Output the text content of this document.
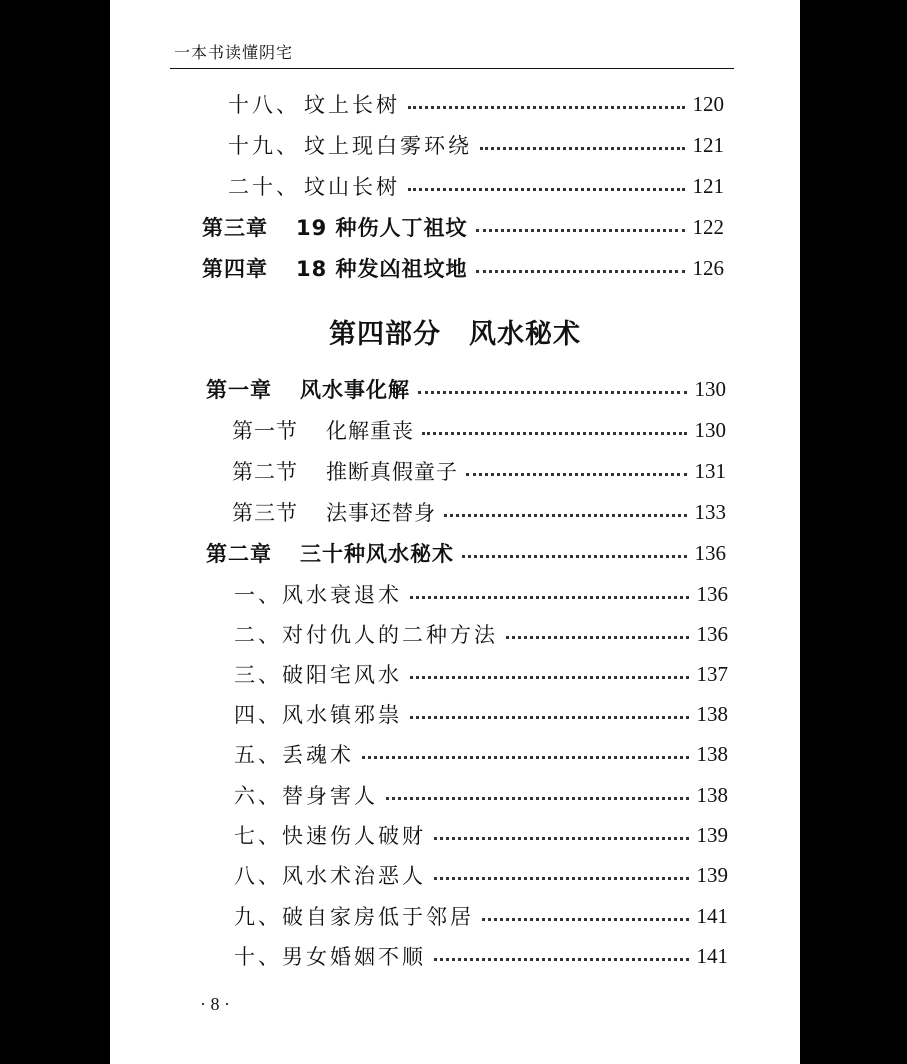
一本书读懂阴宅
十八、 坟上长树	120
十九、 坟上现白雾环绕	121
二十、 坟山长树	121
第三章 19 种伤人丁祖坟	122
第四章 18 种发凶祖坟地	126
第四部分 风水秘术
第一章 风水事化解	130
第一节 化解重丧	130
第二节 推断真假童子	131
第三节 法事还替身	133
第二章 三十种风水秘术	136
一、 风水衰退术	136
二、 对付仇人的二种方法	136
三、 破阳宅风水	137
四、 风水镇邪祟	138
五、 丢魂术	138
六、 替身害人	138
七、 快速伤人破财	139
八、 风水术治恶人	139
九、 破自家房低于邻居	141
十、 男女婚姻不顺	141
· 8 ·
